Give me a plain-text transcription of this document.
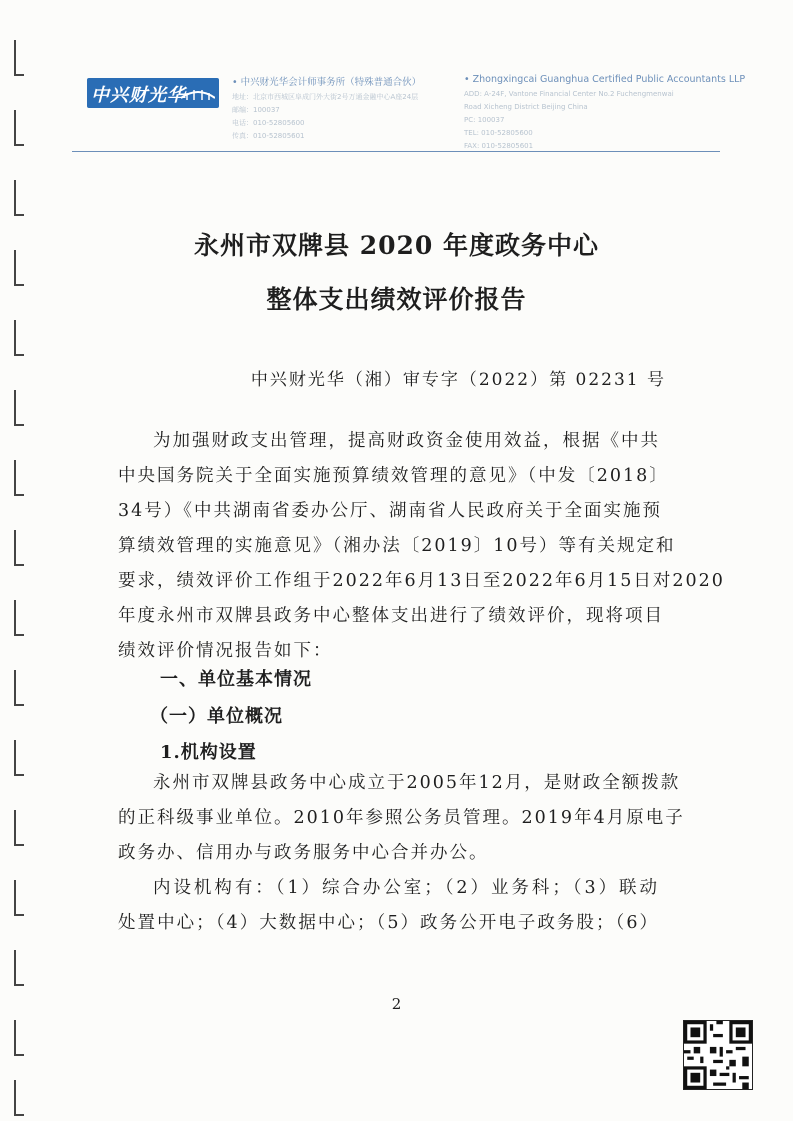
中兴财光华
• 中兴财光华会计师事务所（特殊普通合伙）
地址：北京市西城区阜成门外大街2号万通金融中心A座24层
邮编：100037
电话：010-52805600
传真：010-52805601
• Zhongxingcai Guanghua Certified Public Accountants LLP
ADD: A-24F, Vantone Financial Center No.2 Fuchengmenwai
Road Xicheng District Beijing China
PC: 100037
TEL: 010-52805600
FAX: 010-52805601
永州市双牌县 2020 年度政务中心
整体支出绩效评价报告
中兴财光华（湘）审专字（2022）第 02231 号

为加强财政支出管理，提高财政资金使用效益，根据《中共
中央国务院关于全面实施预算绩效管理的意见》（中发〔2018〕
34号）《中共湖南省委办公厅、湖南省人民政府关于全面实施预
算绩效管理的实施意见》（湘办法〔2019〕10号）等有关规定和
要求，绩效评价工作组于2022年6月13日至2022年6月15日对2020
年度永州市双牌县政务中心整体支出进行了绩效评价，现将项目
绩效评价情况报告如下：

一、单位基本情况
（一）单位概况
1.机构设置

永州市双牌县政务中心成立于2005年12月，是财政全额拨款
的正科级事业单位。2010年参照公务员管理。2019年4月原电子
政务办、信用办与政务服务中心合并办公。

内设机构有：（1）综合办公室；（2）业务科；（3）联动
处置中心；（4）大数据中心；（5）政务公开电子政务股；（6）

2
